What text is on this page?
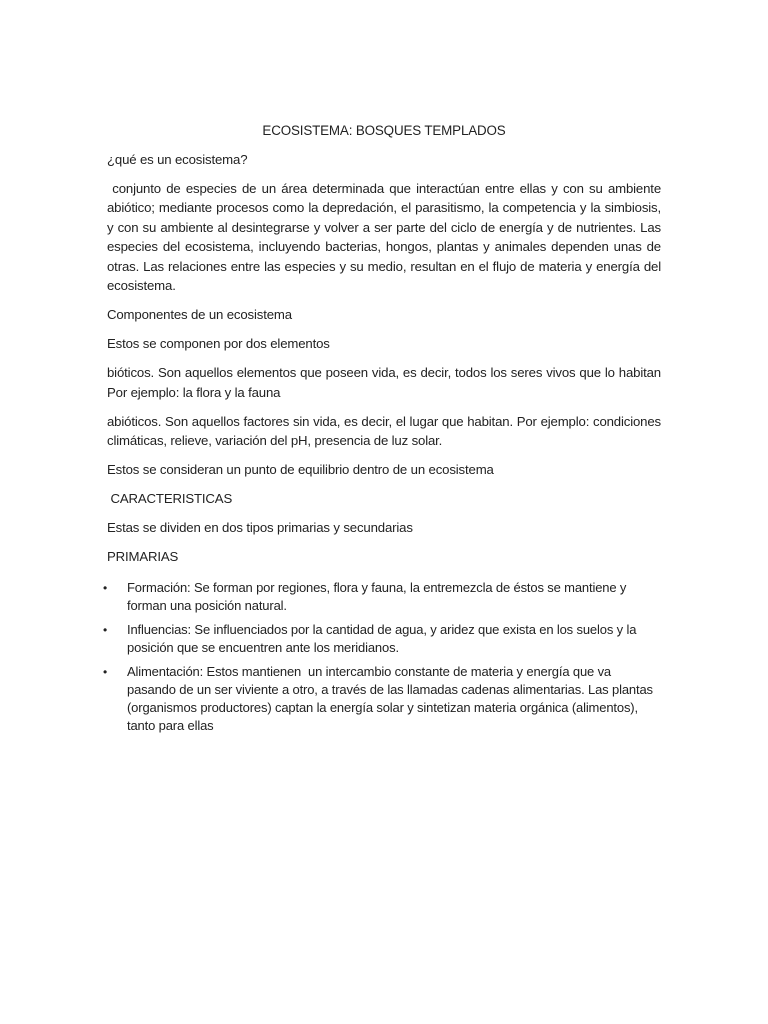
ECOSISTEMA: BOSQUES TEMPLADOS

¿qué es un ecosistema?

conjunto de especies de un área determinada que interactúan entre ellas y con su ambiente abiótico; mediante procesos como la depredación, el parasitismo, la competencia y la simbiosis, y con su ambiente al desintegrarse y volver a ser parte del ciclo de energía y de nutrientes. Las especies del ecosistema, incluyendo bacterias, hongos, plantas y animales dependen unas de otras. Las relaciones entre las especies y su medio, resultan en el flujo de materia y energía del ecosistema.

Componentes de un ecosistema

Estos se componen por dos elementos

bióticos. Son aquellos elementos que poseen vida, es decir, todos los seres vivos que lo habitan Por ejemplo: la flora y la fauna

abióticos. Son aquellos factores sin vida, es decir, el lugar que habitan. Por ejemplo: condiciones climáticas, relieve, variación del pH, presencia de luz solar.

Estos se consideran un punto de equilibrio dentro de un ecosistema

CARACTERISTICAS

Estas se dividen en dos tipos primarias y secundarias

PRIMARIAS

• Formación: Se forman por regiones, flora y fauna, la entremezcla de éstos se mantiene y forman una posición natural.
• Influencias: Se influenciados por la cantidad de agua, y aridez que exista en los suelos y la posición que se encuentren ante los meridianos.
• Alimentación: Estos mantienen  un intercambio constante de materia y energía que va pasando de un ser viviente a otro, a través de las llamadas cadenas alimentarias. Las plantas (organismos productores) captan la energía solar y sintetizan materia orgánica (alimentos), tanto para ellas
